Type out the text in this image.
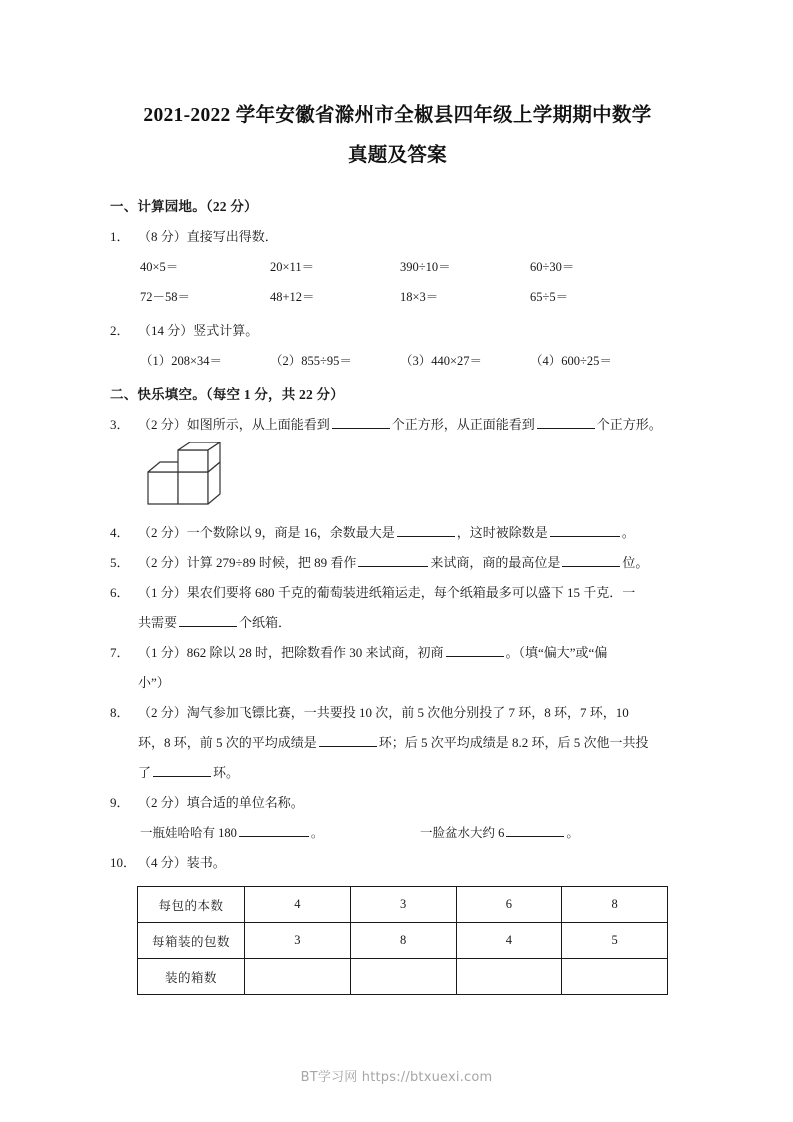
2021-2022 学年安徽省滁州市全椒县四年级上学期期中数学
真题及答案
一、计算园地。（22 分）
1． （8 分）直接写出得数．
40×5＝	20×11＝	390÷10＝	60÷30＝
72－58＝	48+12＝	18×3＝	65÷5＝
2． （14 分）竖式计算。
（1）208×34＝	（2）855÷95＝	（3）440×27＝	（4）600÷25＝
二、快乐填空。（每空 1 分，共 22 分）
3． （2 分）如图所示，从上面能看到	个正方形，从正面能看到	个正方形。
4． （2 分）一个数除以 9，商是 16，余数最大是	，这时被除数是	。
5． （2 分）计算 279÷89 时候，把 89 看作	来试商，商的最高位是	位。
6． （1 分）果农们要将 680 千克的葡萄装进纸箱运走，每个纸箱最多可以盛下 15 千克．一
共需要	个纸箱．
7． （1 分）862 除以 28 时，把除数看作 30 来试商，初商	。（填“偏大”或“偏
小”）
8． （2 分）淘气参加飞镖比赛，一共要投 10 次，前 5 次他分别投了 7 环，8 环，7 环，10
环，8 环，前 5 次的平均成绩是	环；后 5 次平均成绩是 8.2 环，后 5 次他一共投
了	环。
9． （2 分）填合适的单位名称。
一瓶娃哈哈有 180	。	一脸盆水大约 6	。
10． （4 分）装书。
每包的本数	4	3	6	8
每箱装的包数	3	8	4	5
装的箱数				
BT学习网 https://btxuexi.com
